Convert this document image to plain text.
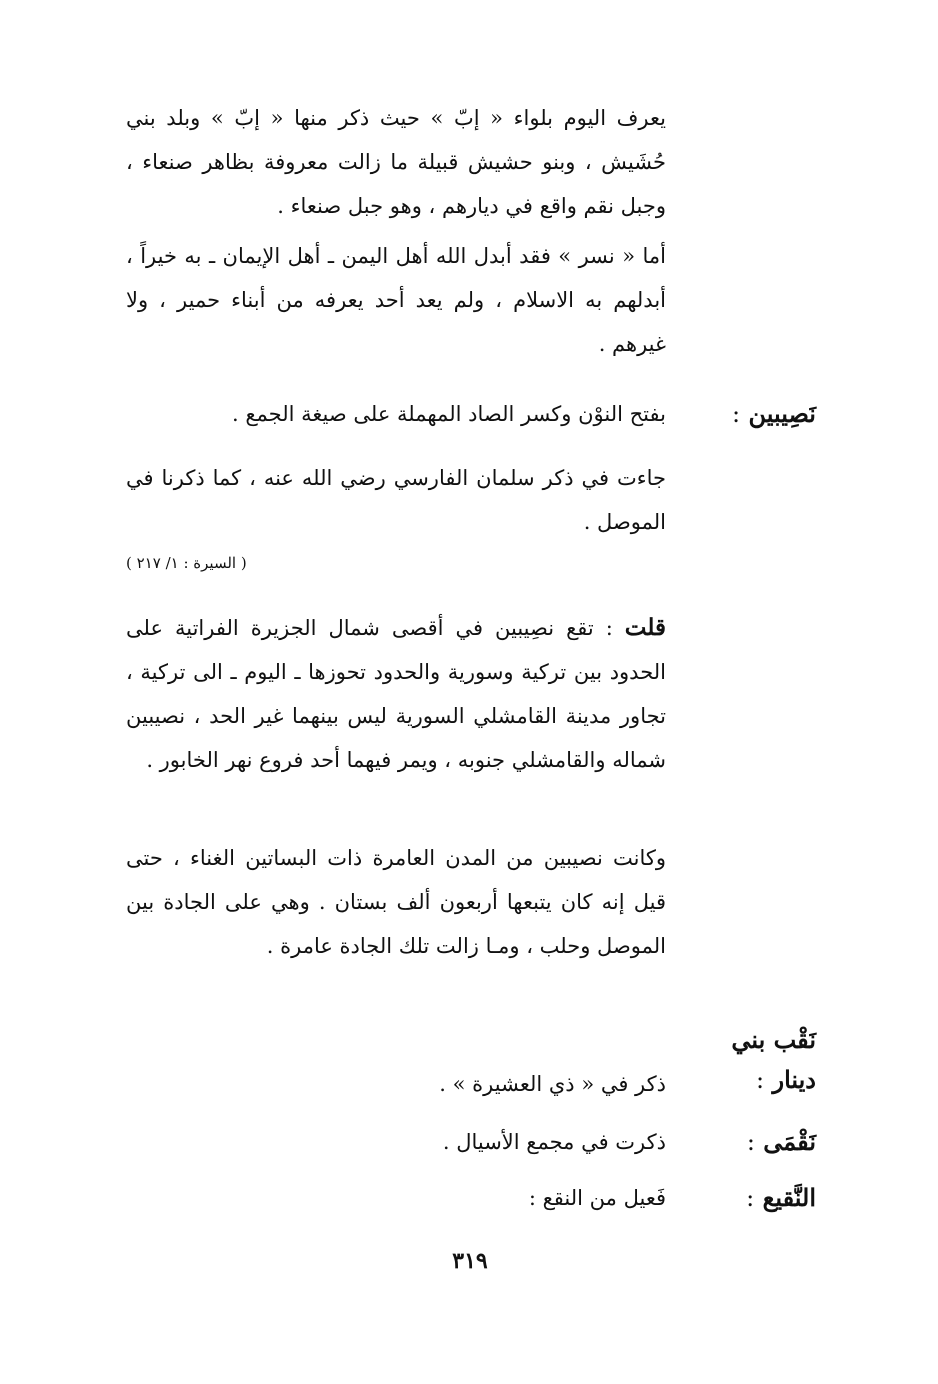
يعرف اليوم بلواء « إبّ » حيث ذكر منها « إبّ » وبلد بني حُشَيش ، وبنو حشيش قبيلة ما زالت معروفة بظاهر صنعاء ، وجبل نقم واقع في ديارهم ، وهو جبل صنعاء .

أما « نسر » فقد أبدل الله أهل اليمن ـ أهل الإيمان ـ به خيراً ، أبدلهم به الاسلام ، ولم يعد أحد يعرفه من أبناء حمير ، ولا غيرهم .

نَصِيبين :
بفتح النوْن وكسر الصاد المهملة على صيغة الجمع .
جاءت في ذكر سلمان الفارسي رضي الله عنه ، كما ذكرنا في الموصل .
( السيرة : ١/ ٢١٧ )
قلت : تقع نصِيبين في أقصى شمال الجزيرة الفراتية على الحدود بين تركية وسورية والحدود تحوزها ـ اليوم ـ الى تركية ، تجاور مدينة القامشلي السورية ليس بينهما غير الحد ، نصيبين شماله والقامشلي جنوبه ، ويمر فيهما أحد فروع نهر الخابور .
وكانت نصيبين من المدن العامرة ذات البساتين الغناء ، حتى قيل إنه كان يتبعها أربعون ألف بستان . وهي على الجادة بين الموصل وحلب ، ومـا زالت تلك الجادة عامرة .
نَقْب بني
دينار :
ذكر في « ذي العشيرة » .
نَقْمَى :
ذكرت في مجمع الأسيال .
النَّقيع :
فَعيل من النقع :
٣١٩
